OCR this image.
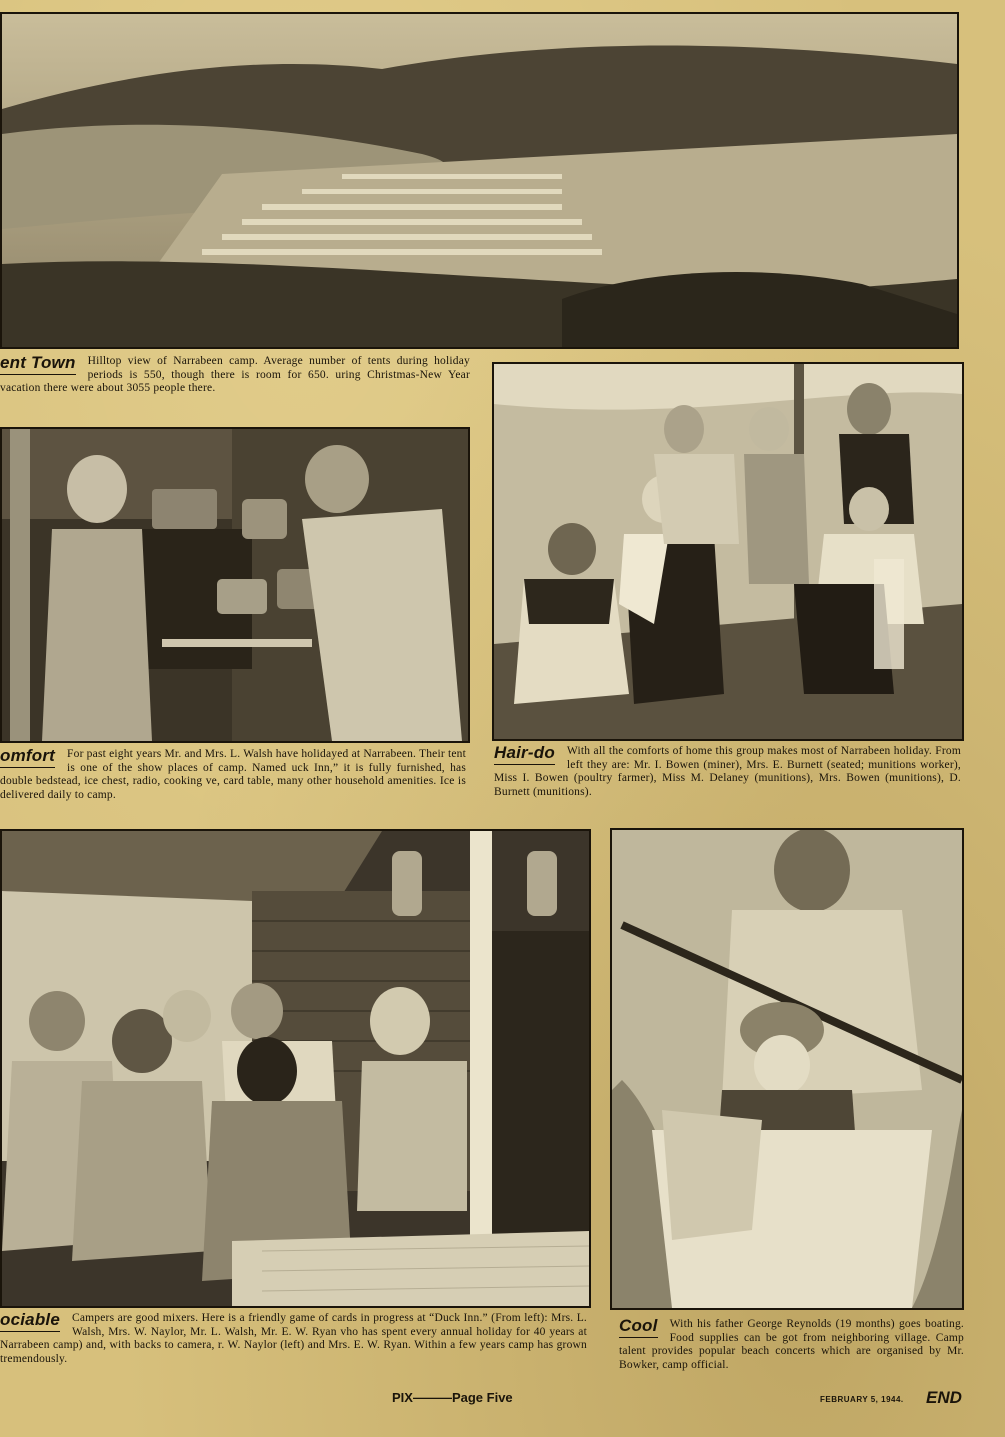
ent Town Hilltop view of Narrabeen camp. Average number of tents during holiday periods is 550, though there is room for 650. uring Christmas-New Year vacation there were about 3055 people there.
omfort For past eight years Mr. and Mrs. L. Walsh have holidayed at Narrabeen. Their tent is one of the show places of camp. Named uck Inn,” it is fully furnished, has double bedstead, ice chest, radio, cooking ve, card table, many other household amenities. Ice is delivered daily to camp.
Hair-do With all the comforts of home this group makes most of Narrabeen holiday. From left they are: Mr. I. Bowen (miner), Mrs. E. Burnett (seated; munitions worker), Miss I. Bowen (poultry farmer), Miss M. Delaney (munitions), Mrs. Bowen (munitions), D. Burnett (munitions).
ociable Campers are good mixers. Here is a friendly game of cards in progress at “Duck Inn.” (From left): Mrs. L. Walsh, Mrs. W. Naylor, Mr. L. Walsh, Mr. E. W. Ryan vho has spent every annual holiday for 40 years at Narrabeen camp) and, with backs to camera, r. W. Naylor (left) and Mrs. E. W. Ryan. Within a few years camp has grown tremendously.
Cool With his father George Reynolds (19 months) goes boating. Food supplies can be got from neighboring village. Camp talent provides popular beach concerts which are organised by Mr. Bowker, camp official.
PIX———Page Five	FEBRUARY 5, 1944. END
